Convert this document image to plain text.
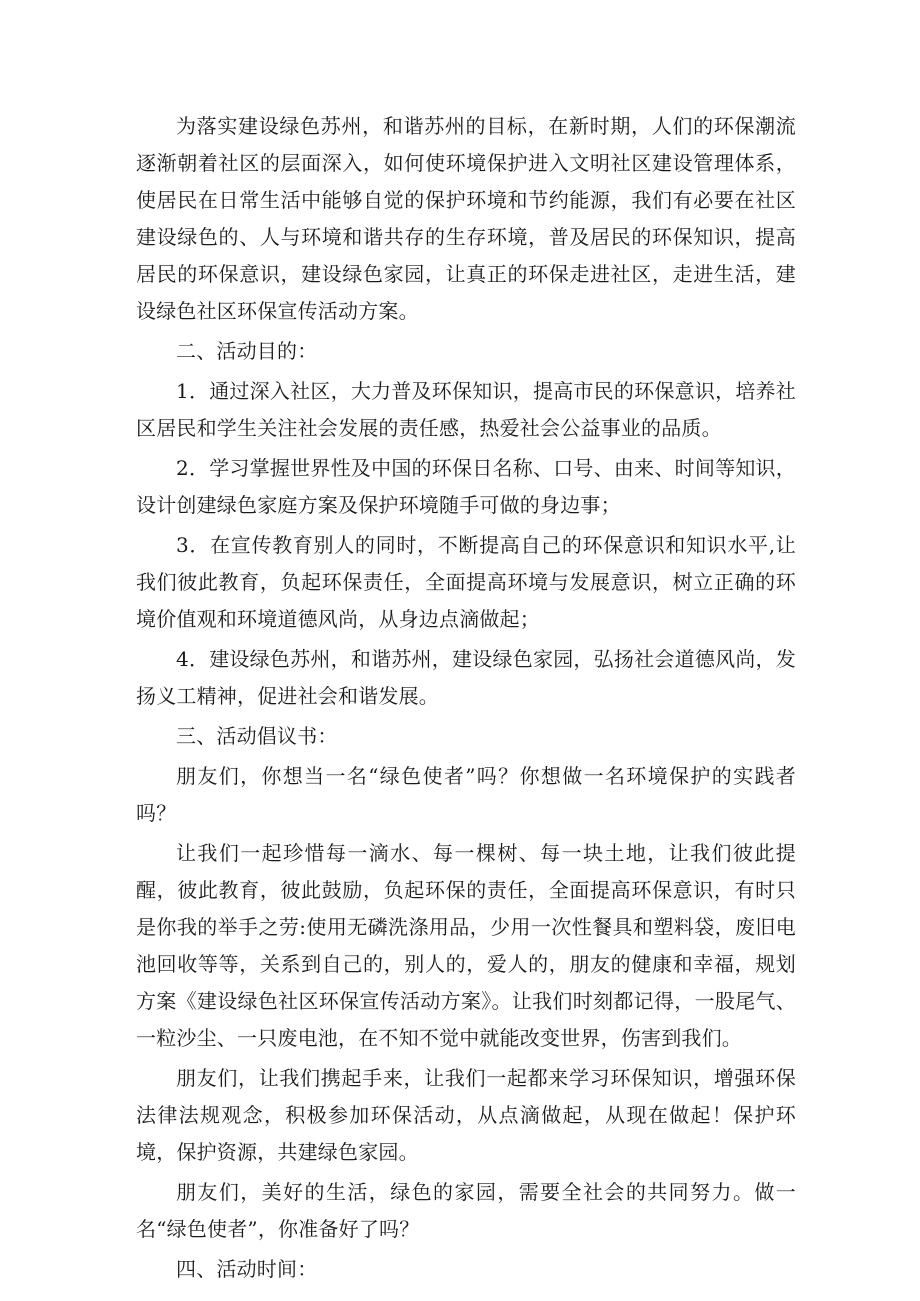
为落实建设绿色苏州，和谐苏州的目标，在新时期，人们的环保潮流逐渐朝着社区的层面深入，如何使环境保护进入文明社区建设管理体系，使居民在日常生活中能够自觉的保护环境和节约能源，我们有必要在社区建设绿色的、人与环境和谐共存的生存环境，普及居民的环保知识，提高居民的环保意识，建设绿色家园，让真正的环保走进社区，走进生活，建设绿色社区环保宣传活动方案。

二、活动目的：

1．通过深入社区，大力普及环保知识，提高市民的环保意识，培养社区居民和学生关注社会发展的责任感，热爱社会公益事业的品质。

2．学习掌握世界性及中国的环保日名称、口号、由来、时间等知识，设计创建绿色家庭方案及保护环境随手可做的身边事；

3．在宣传教育别人的同时，不断提高自己的环保意识和知识水平,让我们彼此教育，负起环保责任，全面提高环境与发展意识，树立正确的环境价值观和环境道德风尚，从身边点滴做起；

4．建设绿色苏州，和谐苏州，建设绿色家园，弘扬社会道德风尚，发扬义工精神，促进社会和谐发展。

三、活动倡议书：

朋友们，你想当一名“绿色使者”吗？你想做一名环境保护的实践者吗？

让我们一起珍惜每一滴水、每一棵树、每一块土地，让我们彼此提醒，彼此教育，彼此鼓励，负起环保的责任，全面提高环保意识，有时只是你我的举手之劳:使用无磷洗涤用品，少用一次性餐具和塑料袋，废旧电池回收等等，关系到自己的，别人的，爱人的，朋友的健康和幸福，规划方案《建设绿色社区环保宣传活动方案》。让我们时刻都记得，一股尾气、一粒沙尘、一只废电池，在不知不觉中就能改变世界，伤害到我们。

朋友们，让我们携起手来，让我们一起都来学习环保知识，增强环保法律法规观念，积极参加环保活动，从点滴做起，从现在做起！保护环境，保护资源，共建绿色家园。

朋友们，美好的生活，绿色的家园，需要全社会的共同努力。做一名“绿色使者”，你准备好了吗？

四、活动时间：
